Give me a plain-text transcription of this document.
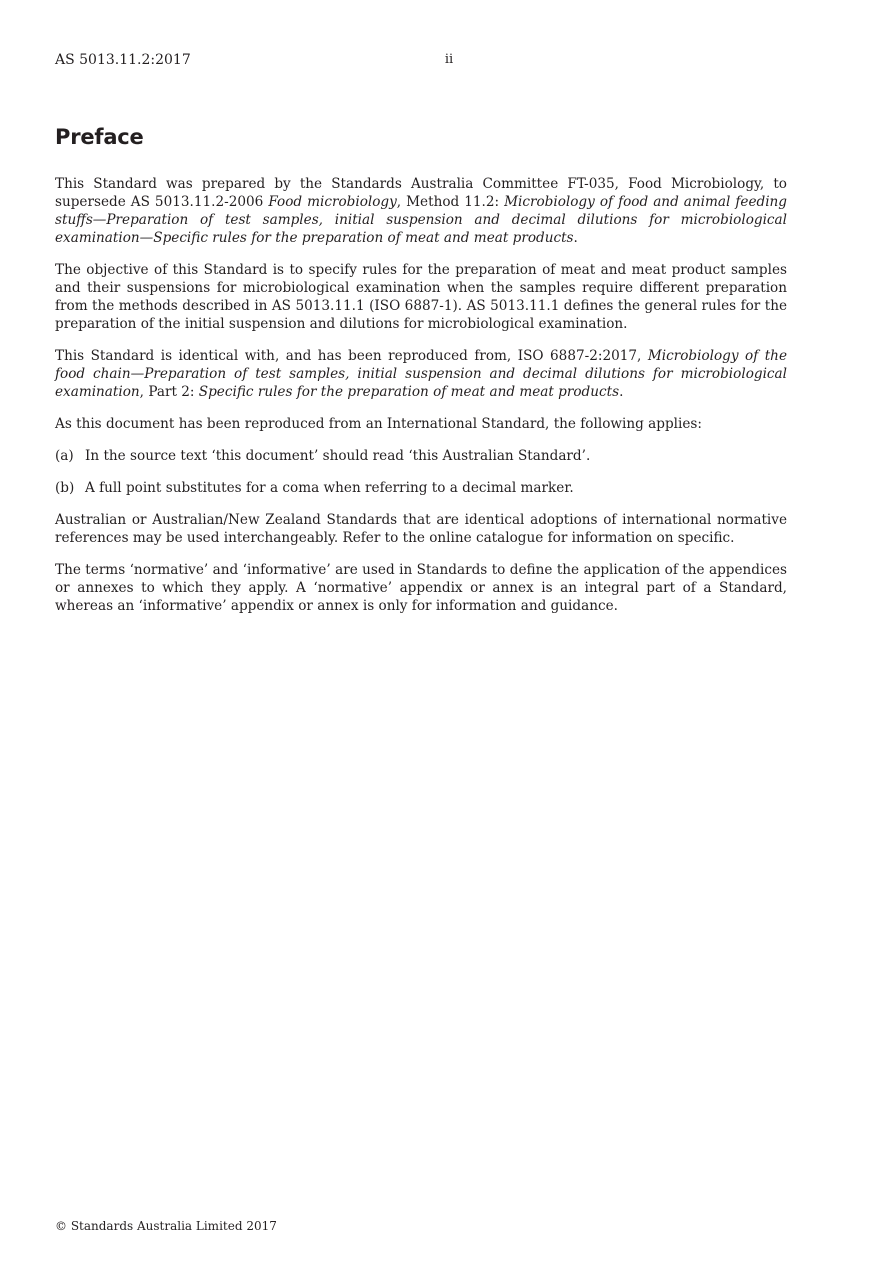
AS 5013.11.2:2017	ii
Preface

This Standard was prepared by the Standards Australia Committee FT-035, Food Microbiology, to supersede AS 5013.11.2-2006 Food microbiology, Method 11.2: Microbiology of food and animal feeding stuffs—Preparation of test samples, initial suspension and decimal dilutions for microbiological examination—Specific rules for the preparation of meat and meat products.

The objective of this Standard is to specify rules for the preparation of meat and meat product samples and their suspensions for microbiological examination when the samples require different preparation from the methods described in AS 5013.11.1 (ISO 6887-1). AS 5013.11.1 defines the general rules for the preparation of the initial suspension and dilutions for microbiological examination.

This Standard is identical with, and has been reproduced from, ISO 6887-2:2017, Microbiology of the food chain—Preparation of test samples, initial suspension and decimal dilutions for microbiological examination, Part 2: Specific rules for the preparation of meat and meat products.

As this document has been reproduced from an International Standard, the following applies:

(a) In the source text ‘this document’ should read ‘this Australian Standard’.
(b) A full point substitutes for a coma when referring to a decimal marker.

Australian or Australian/New Zealand Standards that are identical adoptions of international normative references may be used interchangeably. Refer to the online catalogue for information on specific.

The terms ‘normative’ and ‘informative’ are used in Standards to define the application of the appendices or annexes to which they apply. A ‘normative’ appendix or annex is an integral part of a Standard, whereas an ‘informative’ appendix or annex is only for information and guidance.

© Standards Australia Limited 2017
